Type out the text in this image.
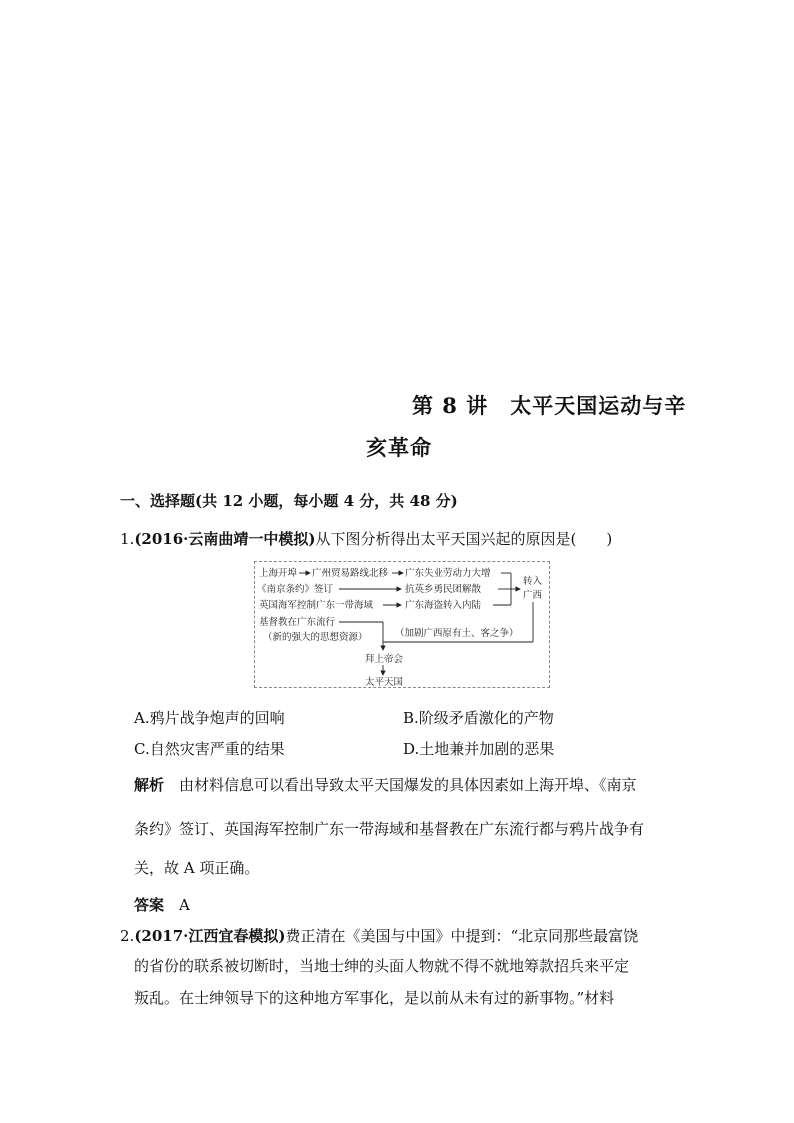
第 8 讲　太平天国运动与辛
亥革命
一、选择题(共 12 小题，每小题 4 分，共 48 分)
1.(2016·云南曲靖一中模拟)从下图分析得出太平天国兴起的原因是(　　)
上海开埠 广州贸易路线北移 广东失业劳动力大增
《南京条约》签订	抗英乡勇民团解散
英国海军控制广东一带海域	广东海盗转入内陆
转入
广西
基督教在广东流行
（新的强大的思想资源）	（加剧广西原有土、客之争）
拜上帝会
太平天国
A.鸦片战争炮声的回响	B.阶级矛盾激化的产物
C.自然灾害严重的结果	D.土地兼并加剧的恶果
解析　 由材料信息可以看出导致太平天国爆发的具体因素如上海开埠、《南京
条约》签订、英国海军控制广东一带海域和基督教在广东流行都与鸦片战争有
关，故 A 项正确。
答案　 A
2.(2017·江西宜春模拟)费正清在《美国与中国》中提到：“北京同那些最富饶
的省份的联系被切断时，当地士绅的头面人物就不得不就地筹款招兵来平定
叛乱。在士绅领导下的这种地方军事化，是以前从未有过的新事物。”材料
